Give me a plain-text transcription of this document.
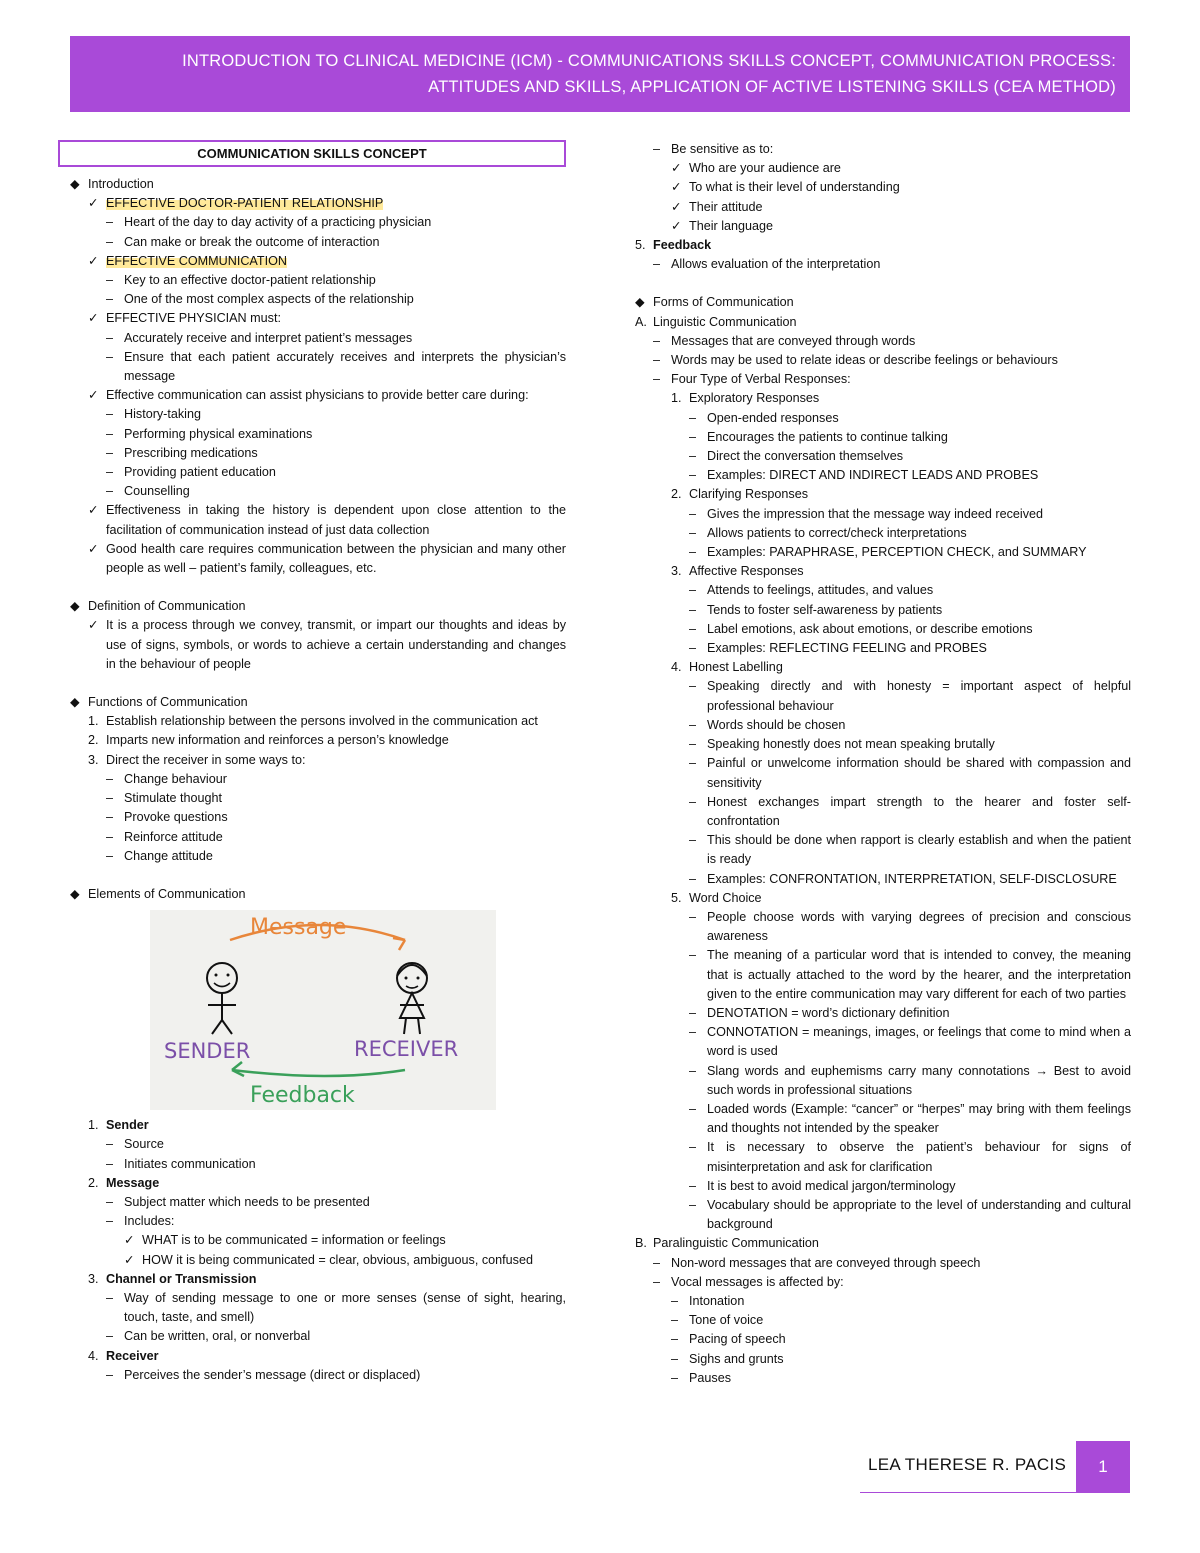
INTRODUCTION TO CLINICAL MEDICINE (ICM) - COMMUNICATIONS SKILLS CONCEPT, COMMUNICATION PROCESS:
ATTITUDES AND SKILLS, APPLICATION OF ACTIVE LISTENING SKILLS (CEA METHOD)
COMMUNICATION SKILLS CONCEPT
◆ Introduction
✓ EFFECTIVE DOCTOR-PATIENT RELATIONSHIP
– Heart of the day to day activity of a practicing physician
– Can make or break the outcome of interaction
✓ EFFECTIVE COMMUNICATION
– Key to an effective doctor-patient relationship
– One of the most complex aspects of the relationship
✓ EFFECTIVE PHYSICIAN must:
– Accurately receive and interpret patient’s messages
– Ensure that each patient accurately receives and interprets the physician’s message
✓ Effective communication can assist physicians to provide better care during:
– History-taking
– Performing physical examinations
– Prescribing medications
– Providing patient education
– Counselling
✓ Effectiveness in taking the history is dependent upon close attention to the facilitation of communication instead of just data collection
✓ Good health care requires communication between the physician and many other people as well – patient’s family, colleagues, etc.
◆ Definition of Communication
✓ It is a process through we convey, transmit, or impart our thoughts and ideas by use of signs, symbols, or words to achieve a certain understanding and changes in the behaviour of people
◆ Functions of Communication
1. Establish relationship between the persons involved in the communication act
2. Imparts new information and reinforces a person’s knowledge
3. Direct the receiver in some ways to:
– Change behaviour
– Stimulate thought
– Provoke questions
– Reinforce attitude
– Change attitude
◆ Elements of Communication
Message
SENDER	RECEIVER
Feedback
1. Sender
– Source
– Initiates communication
2. Message
– Subject matter which needs to be presented
– Includes:
✓ WHAT is to be communicated = information or feelings
✓ HOW it is being communicated = clear, obvious, ambiguous, confused
3. Channel or Transmission
– Way of sending message to one or more senses (sense of sight, hearing, touch, taste, and smell)
– Can be written, oral, or nonverbal
4. Receiver
– Perceives the sender’s message (direct or displaced)
– Be sensitive as to:
✓ Who are your audience are
✓ To what is their level of understanding
✓ Their attitude
✓ Their language
5. Feedback
– Allows evaluation of the interpretation
◆ Forms of Communication
A. Linguistic Communication
– Messages that are conveyed through words
– Words may be used to relate ideas or describe feelings or behaviours
– Four Type of Verbal Responses:
1. Exploratory Responses
– Open-ended responses
– Encourages the patients to continue talking
– Direct the conversation themselves
– Examples: DIRECT AND INDIRECT LEADS AND PROBES
2. Clarifying Responses
– Gives the impression that the message way indeed received
– Allows patients to correct/check interpretations
– Examples: PARAPHRASE, PERCEPTION CHECK, and SUMMARY
3. Affective Responses
– Attends to feelings, attitudes, and values
– Tends to foster self-awareness by patients
– Label emotions, ask about emotions, or describe emotions
– Examples: REFLECTING FEELING and PROBES
4. Honest Labelling
– Speaking directly and with honesty = important aspect of helpful professional behaviour
– Words should be chosen
– Speaking honestly does not mean speaking brutally
– Painful or unwelcome information should be shared with compassion and sensitivity
– Honest exchanges impart strength to the hearer and foster self-confrontation
– This should be done when rapport is clearly establish and when the patient is ready
– Examples: CONFRONTATION, INTERPRETATION, SELF-DISCLOSURE
5. Word Choice
– People choose words with varying degrees of precision and conscious awareness
– The meaning of a particular word that is intended to convey, the meaning that is actually attached to the word by the hearer, and the interpretation given to the entire communication may vary different for each of two parties
– DENOTATION = word’s dictionary definition
– CONNOTATION = meanings, images, or feelings that come to mind when a word is used
– Slang words and euphemisms carry many connotations → Best to avoid such words in professional situations
– Loaded words (Example: “cancer” or “herpes” may bring with them feelings and thoughts not intended by the speaker
– It is necessary to observe the patient’s behaviour for signs of misinterpretation and ask for clarification
– It is best to avoid medical jargon/terminology
– Vocabulary should be appropriate to the level of understanding and cultural background
B. Paralinguistic Communication
– Non-word messages that are conveyed through speech
– Vocal messages is affected by:
– Intonation
– Tone of voice
– Pacing of speech
– Sighs and grunts
– Pauses
LEA THERESE R. PACIS	1
